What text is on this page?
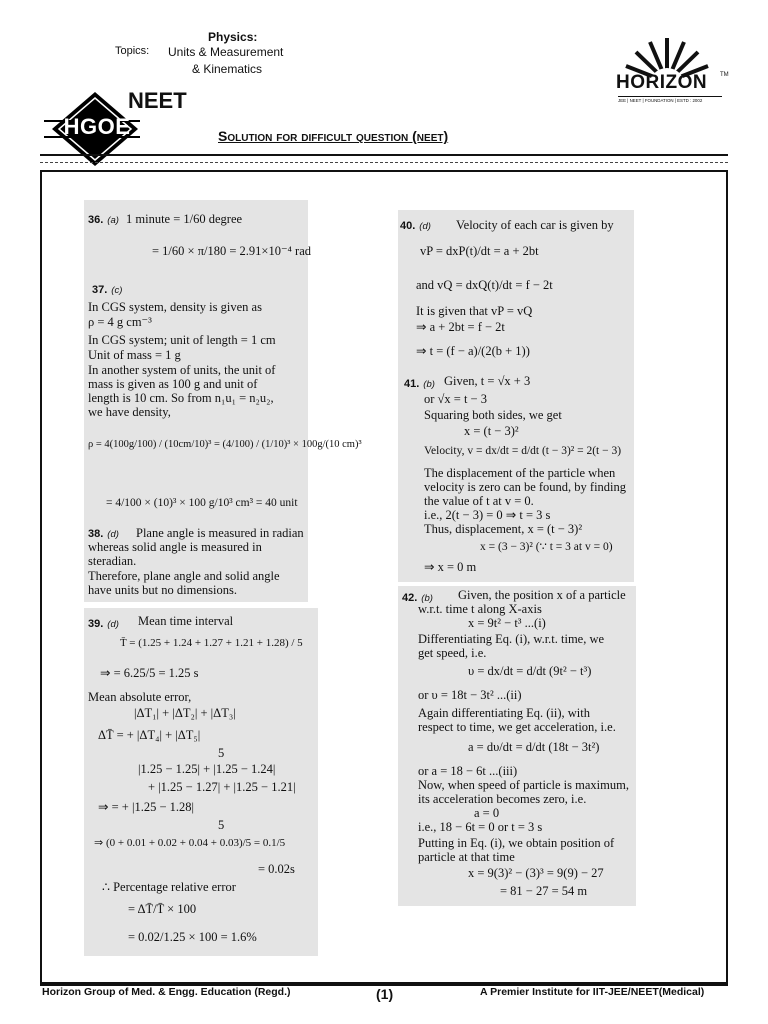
Physics:
Topics: Units & Measurement
& Kinematics
HGOE
NEET
HORIZON TM
JEE | NEET | FOUNDATION | ESTD : 2002
Solution for difficult question (neet)
36. (a) 1 minute = 1/60 degree
= 1/60 × π/180 = 2.91×10⁻⁴ rad
37. (c)
In CGS system, density is given as
ρ = 4 g cm⁻³
In CGS system; unit of length = 1 cm
Unit of mass = 1 g
In another system of units, the unit of
mass is given as 100 g and unit of
length is 10 cm. So from n₁u₁ = n₂u₂,
we have density,
ρ = 4(100g/100) / (10cm/10)³ = (4/100) / (1/10)³ × 100g/(10 cm)³
= 4/100 × (10)³ × 100 g/10³ cm³ = 40 unit
38. (d) Plane angle is measured in radian
whereas solid angle is measured in
steradian.
Therefore, plane angle and solid angle
have units but no dimensions.
39. (d) Mean time interval
T̄ = (1.25 + 1.24 + 1.27 + 1.21 + 1.28) / 5
⇒ = 6.25/5 = 1.25 s
Mean absolute error,
|ΔT₁| + |ΔT₂| + |ΔT₃|
ΔT̄ = + |ΔT₄| + |ΔT₅|
5
|1.25 − 1.25| + |1.25 − 1.24|
+ |1.25 − 1.27| + |1.25 − 1.21|
⇒ = + |1.25 − 1.28|
5
⇒ (0 + 0.01 + 0.02 + 0.04 + 0.03)/5 = 0.1/5
= 0.02s
∴ Percentage relative error
= ΔT̄/T̄ × 100
= 0.02/1.25 × 100 = 1.6%
40. (d) Velocity of each car is given by
vP = dxP(t)/dt = a + 2bt
and vQ = dxQ(t)/dt = f − 2t
It is given that vP = vQ
⇒ a + 2bt = f − 2t
⇒ t = (f − a)/(2(b + 1))
41. (b) Given, t = √x + 3
or √x = t − 3
Squaring both sides, we get
x = (t − 3)²
Velocity, v = dx/dt = d/dt (t − 3)² = 2(t − 3)
The displacement of the particle when
velocity is zero can be found, by finding
the value of t at v = 0.
i.e., 2(t − 3) = 0 ⇒ t = 3 s
Thus, displacement, x = (t − 3)²
x = (3 − 3)² (∵ t = 3 at v = 0)
⇒ x = 0 m
42. (b) Given, the position x of a particle
w.r.t. time t along X-axis
x = 9t² − t³ ...(i)
Differentiating Eq. (i), w.r.t. time, we
get speed, i.e.
υ = dx/dt = d/dt (9t² − t³)
or υ = 18t − 3t² ...(ii)
Again differentiating Eq. (ii), with
respect to time, we get acceleration, i.e.
a = dυ/dt = d/dt (18t − 3t²)
or a = 18 − 6t ...(iii)
Now, when speed of particle is maximum,
its acceleration becomes zero, i.e.
a = 0
i.e., 18 − 6t = 0 or t = 3 s
Putting in Eq. (i), we obtain position of
particle at that time
x = 9(3)² − (3)³ = 9(9) − 27
= 81 − 27 = 54 m
Horizon Group of Med. & Engg. Education (Regd.)	(1)	A Premier Institute for IIT-JEE/NEET(Medical)
